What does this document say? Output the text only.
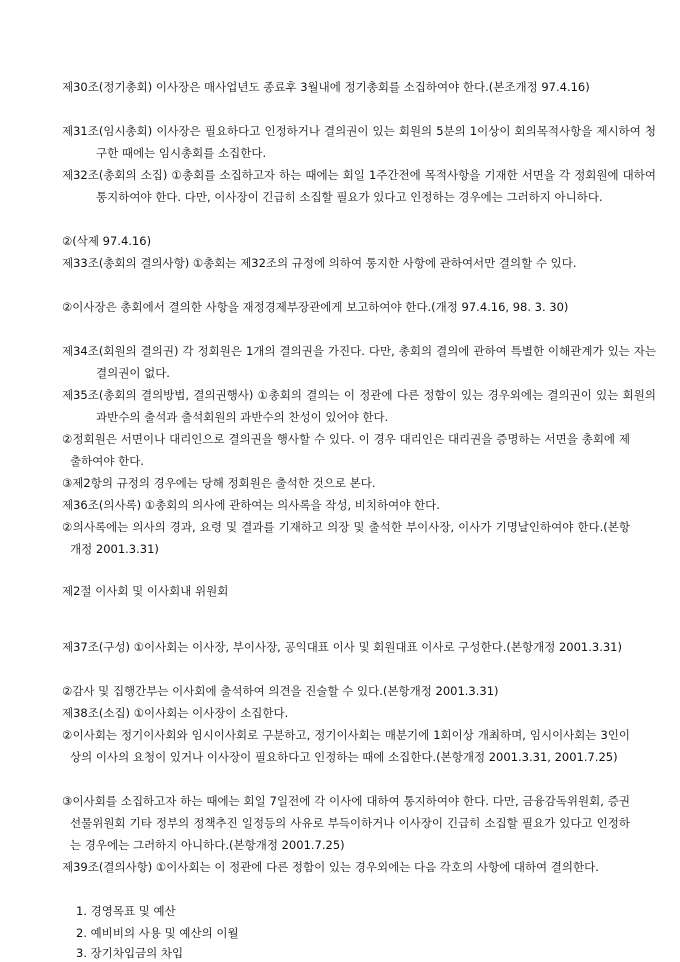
제30조(정기총회) 이사장은 매사업년도 종료후 3월내에 정기총회를 소집하여야 한다.(본조개정 97.4.16)

제31조(임시총회) 이사장은 필요하다고 인정하거나 결의권이 있는 회원의 5분의 1이상이 회의목적사항을 제시하여 청구한 때에는 임시총회를 소집한다.

제32조(총회의 소집) ①총회를 소집하고자 하는 때에는 회일 1주간전에 목적사항을 기재한 서면을 각 정회원에 대하여 통지하여야 한다. 다만, 이사장이 긴급히 소집할 필요가 있다고 인정하는 경우에는 그러하지 아니하다.

②(삭제 97.4.16)

제33조(총회의 결의사항) ①총회는 제32조의 규정에 의하여 통지한 사항에 관하여서만 결의할 수 있다.

②이사장은 총회에서 결의한 사항을 재정경제부장관에게 보고하여야 한다.(개정 97.4.16, 98. 3. 30)

제34조(회원의 결의권) 각 정회원은 1개의 결의권을 가진다. 다만, 총회의 결의에 관하여 특별한 이해관계가 있는 자는 결의권이 없다.

제35조(총회의 결의방법, 결의권행사) ①총회의 결의는 이 정관에 다른 정함이 있는 경우외에는 결의권이 있는 회원의 과반수의 출석과 출석회원의 과반수의 찬성이 있어야 한다.

②정회원은 서면이나 대리인으로 결의권을 행사할 수 있다. 이 경우 대리인은 대리권을 증명하는 서면을 총회에 제출하여야 한다.

③제2항의 규정의 경우에는 당해 정회원은 출석한 것으로 본다.

제36조(의사록) ①총회의 의사에 관하여는 의사록을 작성, 비치하여야 한다.

②의사록에는 의사의 경과, 요령 및 결과를 기재하고 의장 및 출석한 부이사장, 이사가 기명날인하여야 한다.(본항개정 2001.3.31)

제2절 이사회 및 이사회내 위원회

제37조(구성) ①이사회는 이사장, 부이사장, 공익대표 이사 및 회원대표 이사로 구성한다.(본항개정 2001.3.31)

②감사 및 집행간부는 이사회에 출석하여 의견을 진술할 수 있다.(본항개정 2001.3.31)

제38조(소집) ①이사회는 이사장이 소집한다.

②이사회는 정기이사회와 임시이사회로 구분하고, 정기이사회는 매분기에 1회이상 개최하며, 임시이사회는 3인이상의 이사의 요청이 있거나 이사장이 필요하다고 인정하는 때에 소집한다.(본항개정 2001.3.31, 2001.7.25)

③이사회를 소집하고자 하는 때에는 회일 7일전에 각 이사에 대하여 통지하여야 한다. 다만, 금융감독위원회, 증권선물위원회 기타 정부의 정책추진 일정등의 사유로 부득이하거나 이사장이 긴급히 소집할 필요가 있다고 인정하는 경우에는 그러하지 아니하다.(본항개정 2001.7.25)

제39조(결의사항) ①이사회는 이 정관에 다른 정함이 있는 경우외에는 다음 각호의 사항에 대하여 결의한다.

1. 경영목표 및 예산
2. 예비비의 사용 및 예산의 이월
3. 장기차입금의 차입
